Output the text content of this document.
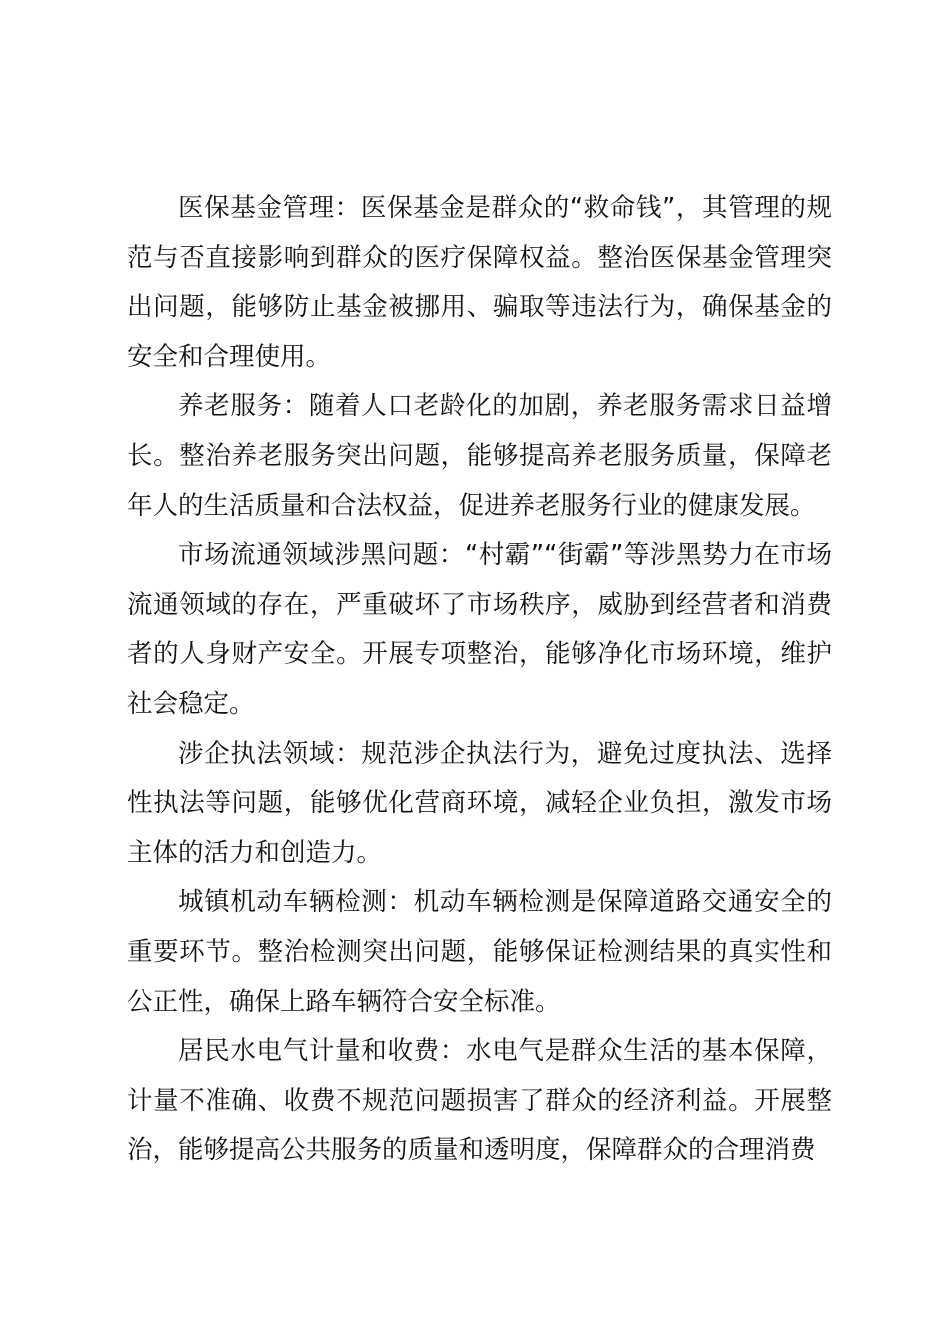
医保基金管理：医保基金是群众的“救命钱”，其管理的规范与否直接影响到群众的医疗保障权益。整治医保基金管理突出问题，能够防止基金被挪用、骗取等违法行为，确保基金的安全和合理使用。

养老服务：随着人口老龄化的加剧，养老服务需求日益增长。整治养老服务突出问题，能够提高养老服务质量，保障老年人的生活质量和合法权益，促进养老服务行业的健康发展。

市场流通领域涉黑问题：“村霸”“街霸”等涉黑势力在市场流通领域的存在，严重破坏了市场秩序，威胁到经营者和消费者的人身财产安全。开展专项整治，能够净化市场环境，维护社会稳定。

涉企执法领域：规范涉企执法行为，避免过度执法、选择性执法等问题，能够优化营商环境，减轻企业负担，激发市场主体的活力和创造力。

城镇机动车辆检测：机动车辆检测是保障道路交通安全的重要环节。整治检测突出问题，能够保证检测结果的真实性和公正性，确保上路车辆符合安全标准。

居民水电气计量和收费：水电气是群众生活的基本保障，计量不准确、收费不规范问题损害了群众的经济利益。开展整治，能够提高公共服务的质量和透明度，保障群众的合理消费
